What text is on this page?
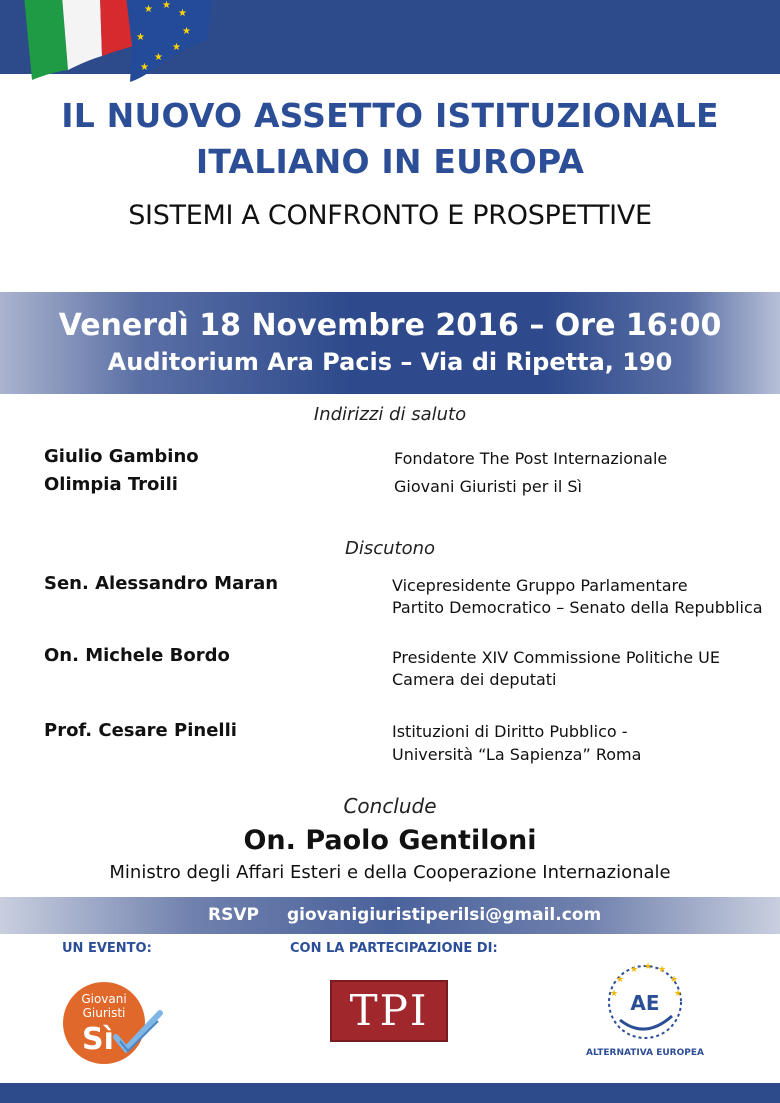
★ ★
★
★
★
★
★
★
IL NUOVO ASSETTO ISTITUZIONALE
ITALIANO IN EUROPA
SISTEMI A CONFRONTO E PROSPETTIVE
Venerdì 18 Novembre 2016 – Ore 16:00
Auditorium Ara Pacis – Via di Ripetta, 190
Indirizzi di saluto
Giulio Gambino	Fondatore The Post Internazionale
Olimpia Troili	Giovani Giuristi per il Sì
Discutono
Sen. Alessandro Maran	Vicepresidente Gruppo Parlamentare
Partito Democratico – Senato della Repubblica
On. Michele Bordo	Presidente XIV Commissione Politiche UE
Camera dei deputati
Prof. Cesare Pinelli	Istituzioni di Diritto Pubblico -
Università “La Sapienza” Roma
Conclude
On. Paolo Gentiloni
Ministro degli Affari Esteri e della Cooperazione Internazionale
RSVP giovanigiuristiperilsi@gmail.com
UN EVENTO:	CON LA PARTECIPAZIONE DI:
Giovani
Giuristi
Sì
TPI
★
★ ★ ★
★
★
★ AE
ALTERNATIVA EUROPEA
